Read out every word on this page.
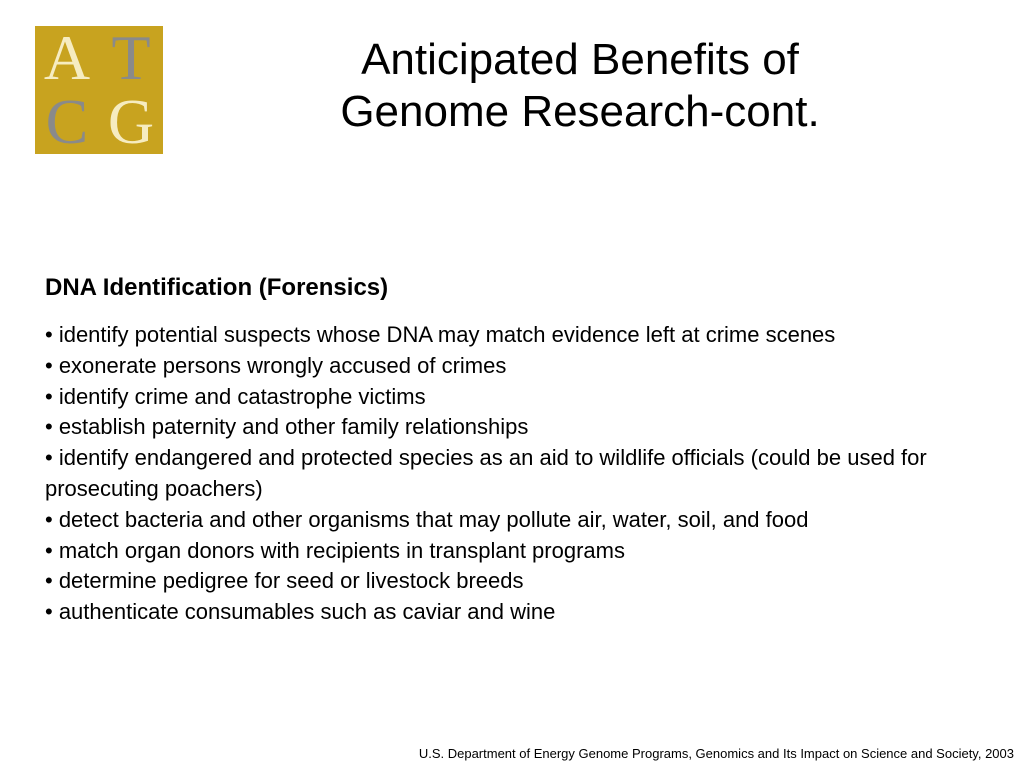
A T
C G
Anticipated Benefits of
Genome Research-cont.
DNA Identification (Forensics)
• identify potential suspects whose DNA may match evidence left at crime scenes
• exonerate persons wrongly accused of crimes
• identify crime and catastrophe victims
• establish paternity and other family relationships
• identify endangered and protected species as an aid to wildlife officials (could be used for prosecuting poachers)
• detect bacteria and other organisms that may pollute air, water, soil, and food
• match organ donors with recipients in transplant programs
• determine pedigree for seed or livestock breeds
• authenticate consumables such as caviar and wine
U.S. Department of Energy Genome Programs, Genomics and Its Impact on Science and Society, 2003
